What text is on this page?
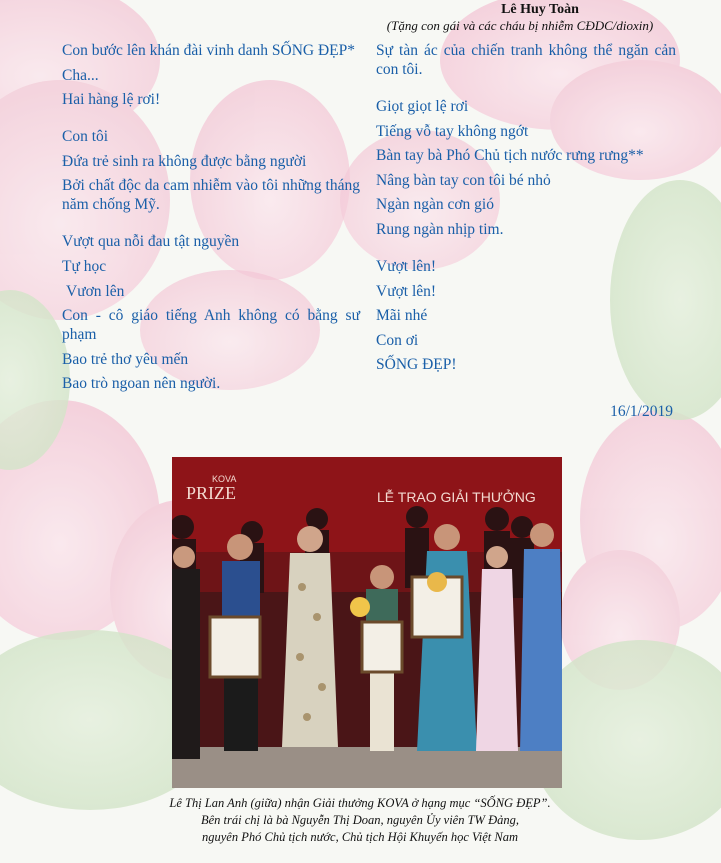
Lê Huy Toàn
(Tặng con gái và các cháu bị nhiễm CĐDC/dioxin)
Con bước lên khán đài vinh danh SỐNG ĐẸP*
Cha...
Hai hàng lệ rơi!
Con tôi
Đứa trẻ sinh ra không được bằng người
Bởi chất độc da cam nhiễm vào tôi những tháng năm chống Mỹ.
Vượt qua nỗi đau tật nguyền
Tự học
Vươn lên
Con - cô giáo tiếng Anh không có bằng sư phạm
Bao trẻ thơ yêu mến
Bao trò ngoan nên người.
Sự tàn ác của chiến tranh không thể ngăn cản con tôi.
Giọt giọt lệ rơi
Tiếng vỗ tay không ngớt
Bàn tay bà Phó Chủ tịch nước rưng rưng**
Nâng bàn tay con tôi bé nhỏ
Ngàn ngàn cơn gió
Rung ngàn nhịp tim.
Vượt lên!
Vượt lên!
Mãi nhé
Con ơi
SỐNG ĐẸP!
16/1/2019
KOVA
PRIZE	LỄ TRAO GIẢI THƯỞNG
Lê Thị Lan Anh (giữa) nhận Giải thưởng KOVA ở hạng mục “SỐNG ĐẸP”.
Bên trái chị là bà Nguyễn Thị Doan, nguyên Ủy viên TW Đảng,
nguyên Phó Chủ tịch nước, Chủ tịch Hội Khuyến học Việt Nam
